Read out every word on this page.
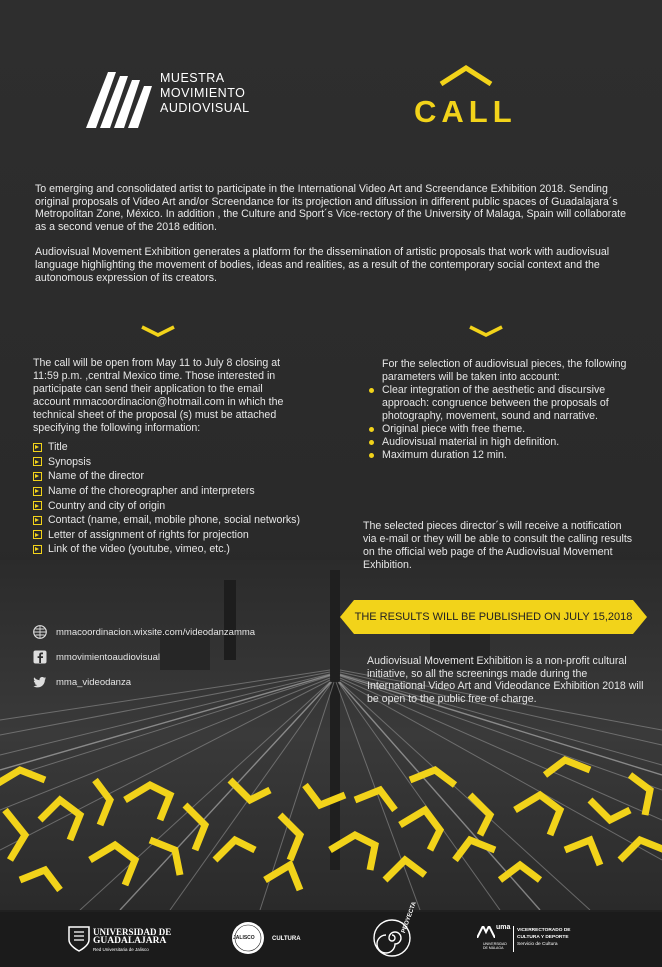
MUESTRA
MOVIMIENTO
AUDIOVISUAL	CALL

To emerging and consolidated artist to participate in the International Video Art and Screendance Exhibition 2018. Sending original proposals of Video Art and/or Screendance for its projection and difussion in different public spaces of Guadalajara´s Metropolitan Zone, México. In addition , the Culture and Sport´s Vice-rectory of the University of Malaga, Spain will collaborate as a second venue of the 2018 edition.

Audiovisual Movement Exhibition generates a platform for the dissemination of artistic proposals that work with audiovisual language highlighting the movement of bodies, ideas and realities, as a result of the contemporary social context and the autonomous expression of its creators.

The call will be open from May 11 to July 8 closing at 11:59 p.m. ,central Mexico time. Those interested in participate can send their application to the email account mmacoordinacion@hotmail.com in which the technical sheet of the proposal (s) must be attached specifying the following information:
Title
Synopsis
Name of the director
Name of the choreographer and interpreters
Country and city of origin
Contact (name, email, mobile phone, social networks)
Letter of assignment of rights for projection
Link of the video (youtube, vimeo, etc.)
For the selection of audiovisual pieces, the following parameters will be taken into account:
Clear integration of the aesthetic and discursive approach: congruence between the proposals of photography, movement, sound and narrative.
Original piece with free theme.
Audiovisual material in high definition.
Maximum duration 12 min.
The selected pieces director´s will receive a notification via e-mail or they will be able to consult the calling results on the official web page of the Audiovisual Movement Exhibition.
THE RESULTS WILL BE PUBLISHED ON JULY 15,2018
mmacoordinacion.wixsite.com/videodanzamma
mmovimientoaudiovisual
mma_videodanza
Audiovisual Movement Exhibition is a non-profit cultural initiative, so all the screenings made during the International Video Art and Videodance Exhibition 2018 will be open to the public free of charge.
UNIVERSIDAD DE
GUADALAJARA
Red Universitaria de Jalisco
JALISCO	CULTURA
PROYECTA	uma
UNIVERSIDAD DE MÁLAGA
VICERRECTORADO DE
CULTURA Y DEPORTE
Servicio de Cultura
